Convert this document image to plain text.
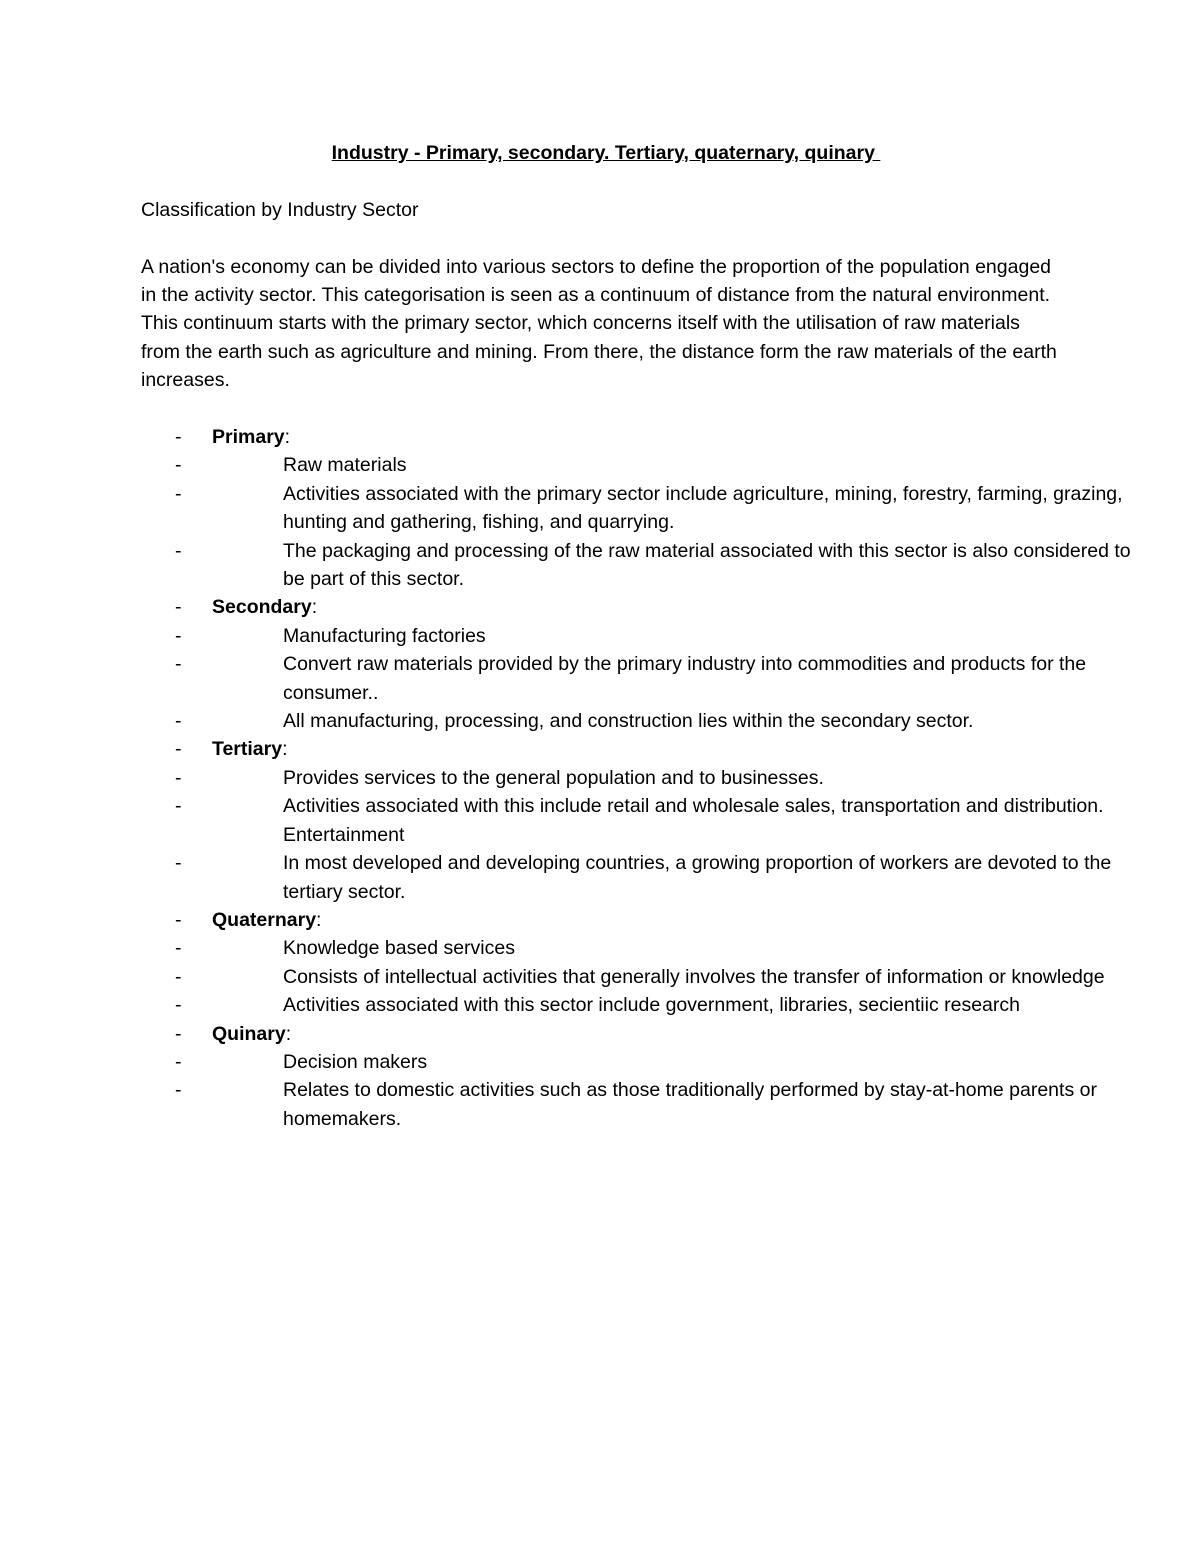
Industry - Primary, secondary. Tertiary, quaternary, quinary
Classification by Industry Sector
A nation's economy can be divided into various sectors to define the proportion of the population engaged in the activity sector. This categorisation is seen as a continuum of distance from the natural environment. This continuum starts with the primary sector, which concerns itself with the utilisation of raw materials from the earth such as agriculture and mining. From there, the distance form the raw materials of the earth increases.
- Primary:
-	Raw materials
-	Activities associated with the primary sector include agriculture, mining, forestry, farming, grazing, hunting and gathering, fishing, and quarrying.
-	The packaging and processing of the raw material associated with this sector is also considered to be part of this sector.
- Secondary:
-	Manufacturing factories
-	Convert raw materials provided by the primary industry into commodities and products for the consumer..
-	All manufacturing, processing, and construction lies within the secondary sector.
- Tertiary:
-	Provides services to the general population and to businesses.
-	Activities associated with this include retail and wholesale sales, transportation and distribution. Entertainment
-	In most developed and developing countries, a growing proportion of workers are devoted to the tertiary sector.
- Quaternary:
-	Knowledge based services
-	Consists of intellectual activities that generally involves the transfer of information or knowledge
-	Activities associated with this sector include government, libraries, secientiic research
- Quinary:
-	Decision makers
-	Relates to domestic activities such as those traditionally performed by stay-at-home parents or homemakers.
